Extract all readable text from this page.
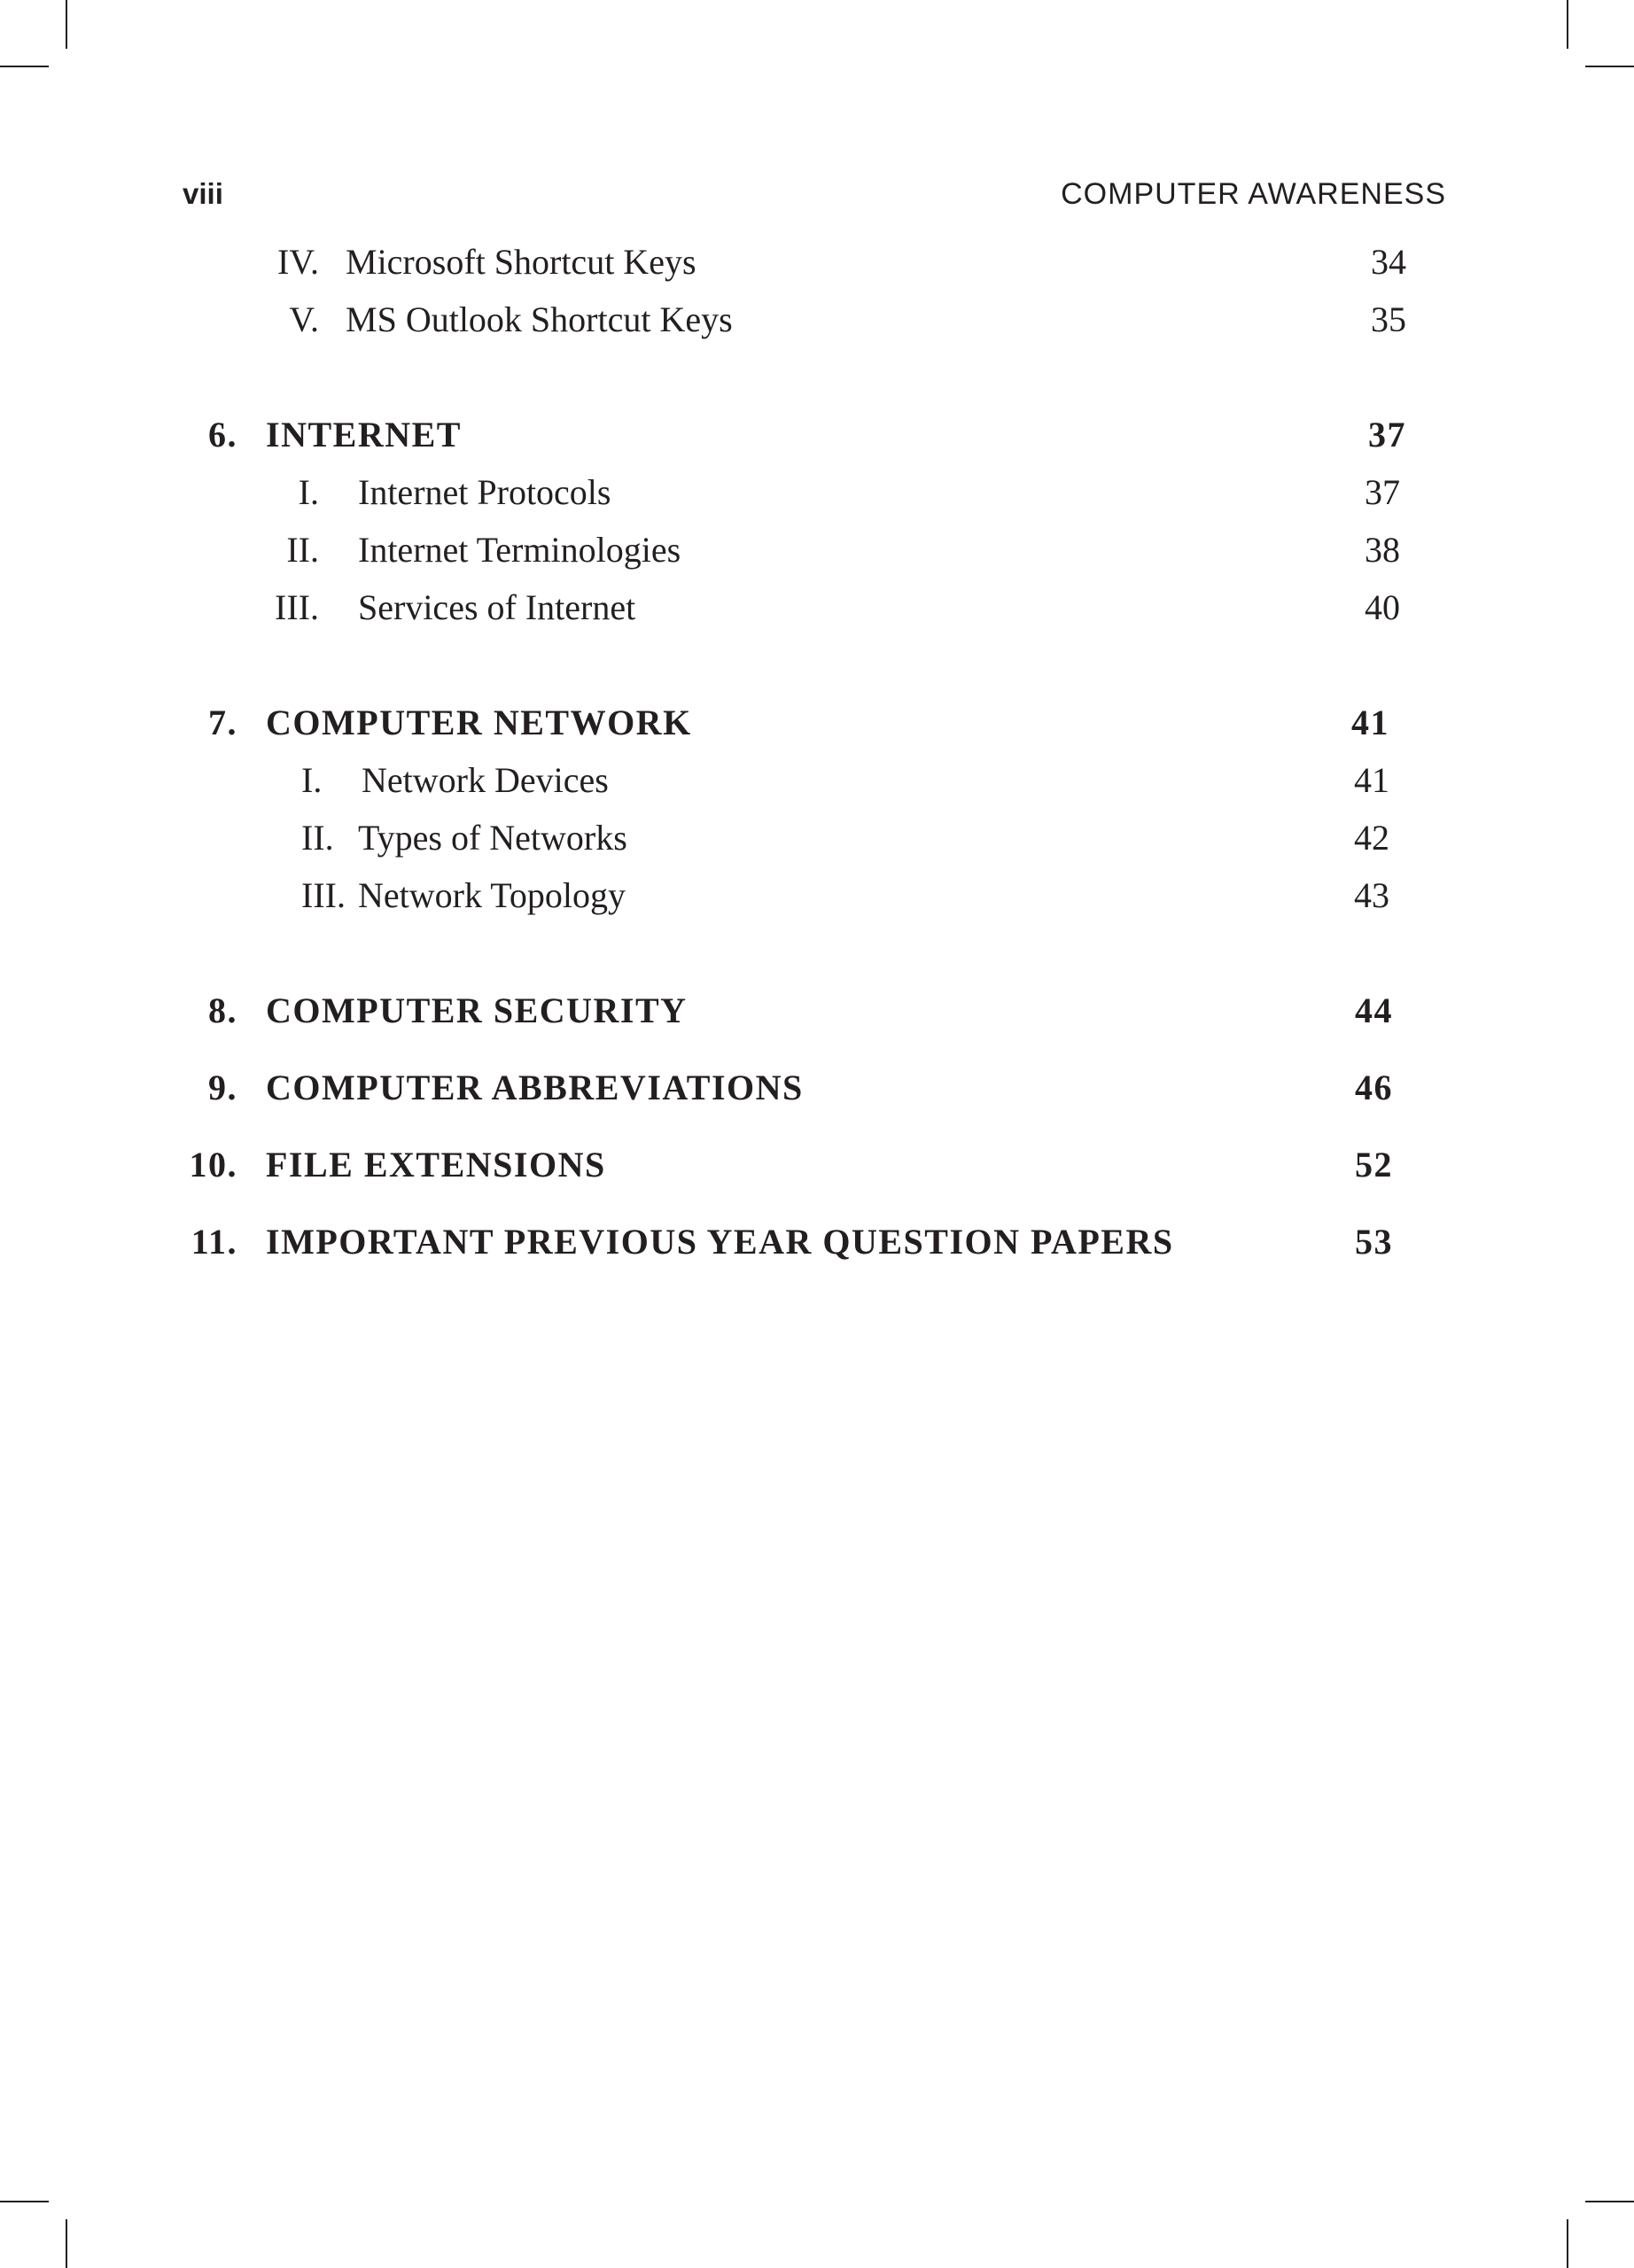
viii	COMPUTER AWARENESS
IV. Microsoft Shortcut Keys	34
V. MS Outlook Shortcut Keys	35
6. INTERNET	37
I. Internet Protocols	37
II. Internet Terminologies	38
III. Services of Internet	40
7. COMPUTER NETWORK	41
I. Network Devices	41
II. Types of Networks	42
III. Network Topology	43
8. COMPUTER SECURITY	44
9. COMPUTER ABBREVIATIONS	46
10. FILE EXTENSIONS	52
11. IMPORTANT PREVIOUS YEAR QUESTION PAPERS	53
